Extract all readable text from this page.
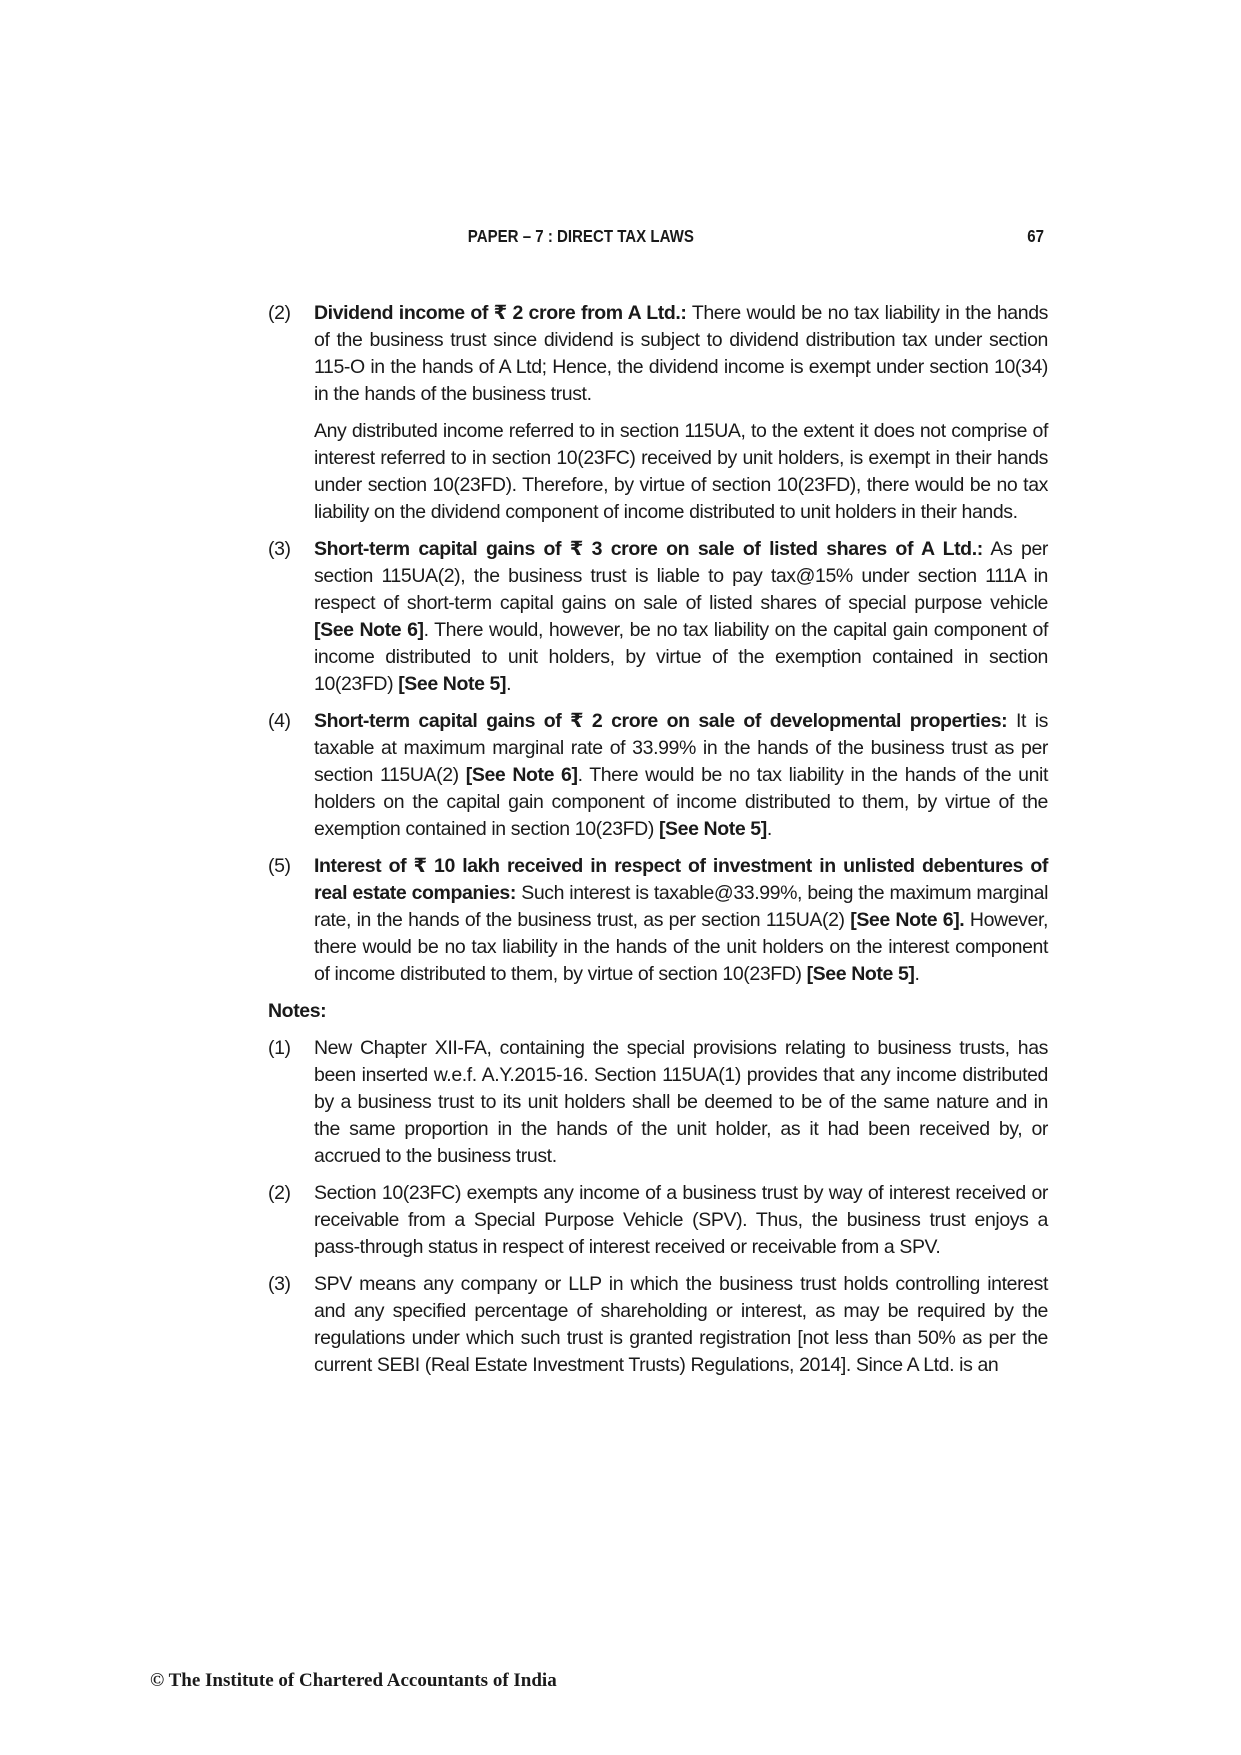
PAPER – 7 : DIRECT TAX LAWS	67
(2)	Dividend income of ₹ 2 crore from A Ltd.: There would be no tax liability in the hands of the business trust since dividend is subject to dividend distribution tax under section 115-O in the hands of A Ltd; Hence, the dividend income is exempt under section 10(34) in the hands of the business trust.

Any distributed income referred to in section 115UA, to the extent it does not comprise of interest referred to in section 10(23FC) received by unit holders, is exempt in their hands under section 10(23FD). Therefore, by virtue of section 10(23FD), there would be no tax liability on the dividend component of income distributed to unit holders in their hands.

(3)	Short-term capital gains of ₹ 3 crore on sale of listed shares of A Ltd.: As per section 115UA(2), the business trust is liable to pay tax@15% under section 111A in respect of short-term capital gains on sale of listed shares of special purpose vehicle [See Note 6]. There would, however, be no tax liability on the capital gain component of income distributed to unit holders, by virtue of the exemption contained in section 10(23FD) [See Note 5].

(4)	Short-term capital gains of ₹ 2 crore on sale of developmental properties: It is taxable at maximum marginal rate of 33.99% in the hands of the business trust as per section 115UA(2) [See Note 6]. There would be no tax liability in the hands of the unit holders on the capital gain component of income distributed to them, by virtue of the exemption contained in section 10(23FD) [See Note 5].

(5)	Interest of ₹ 10 lakh received in respect of investment in unlisted debentures of real estate companies: Such interest is taxable@33.99%, being the maximum marginal rate, in the hands of the business trust, as per section 115UA(2) [See Note 6]. However, there would be no tax liability in the hands of the unit holders on the interest component of income distributed to them, by virtue of section 10(23FD) [See Note 5].

Notes:
(1)	New Chapter XII-FA, containing the special provisions relating to business trusts, has been inserted w.e.f. A.Y.2015-16. Section 115UA(1) provides that any income distributed by a business trust to its unit holders shall be deemed to be of the same nature and in the same proportion in the hands of the unit holder, as it had been received by, or accrued to the business trust.

(2)	Section 10(23FC) exempts any income of a business trust by way of interest received or receivable from a Special Purpose Vehicle (SPV). Thus, the business trust enjoys a pass-through status in respect of interest received or receivable from a SPV.

(3)	SPV means any company or LLP in which the business trust holds controlling interest and any specified percentage of shareholding or interest, as may be required by the regulations under which such trust is granted registration [not less than 50% as per the current SEBI (Real Estate Investment Trusts) Regulations, 2014]. Since A Ltd. is an

© The Institute of Chartered Accountants of India
